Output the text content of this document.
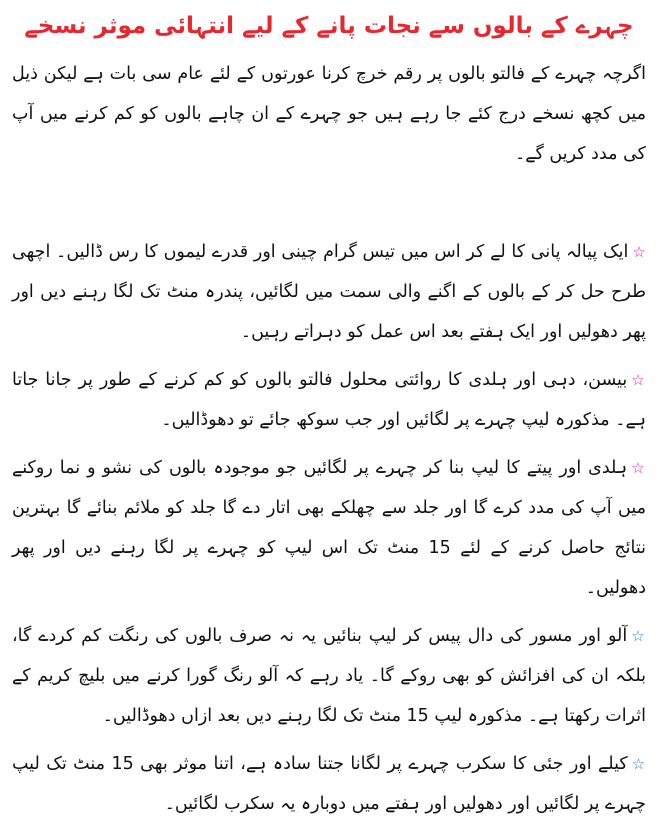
چہرے کے بالوں سے نجات پانے کے لیے انتہائی موثر نسخے

اگرچہ چہرے کے فالتو بالوں پر رقم خرچ کرنا عورتوں کے لئے عام سی بات ہے لیکن ذیل میں کچھ نسخے درج کئے جا رہے ہیں جو چہرے کے ان چاہے بالوں کو کم کرنے میں آپ کی مدد کریں گے۔

☆ایک پیالہ پانی کا لے کر اس میں تیس گرام چینی اور قدرے لیموں کا رس ڈالیں۔ اچھی طرح حل کر کے بالوں کے اگنے والی سمت میں لگائیں، پندرہ منٹ تک لگا رہنے دیں اور پھر دھولیں اور ایک ہفتے بعد اس عمل کو دہراتے رہیں۔

☆بیسن، دہی اور ہلدی کا روائتی محلول فالتو بالوں کو کم کرنے کے طور پر جانا جاتا ہے۔ مذکورہ لیپ چہرے پر لگائیں اور جب سوکھ جائے تو دھوڈالیں۔

☆ہلدی اور پیتے کا لیپ بنا کر چہرے پر لگائیں جو موجودہ بالوں کی نشو و نما روکنے میں آپ کی مدد کرے گا اور جلد سے چھلکے بھی اتار دے گا جلد کو ملائم بنائے گا بہترین نتائج حاصل کرنے کے لئے 15 منٹ تک اس لیپ کو چہرے پر لگا رہنے دیں اور پھر دھولیں۔

☆آلو اور مسور کی دال پیس کر لیپ بنائیں یہ نہ صرف بالوں کی رنگت کم کردے گا، بلکہ ان کی افزائش کو بھی روکے گا۔ یاد رہے کہ آلو رنگ گورا کرنے میں بلیچ کریم کے اثرات رکھتا ہے۔ مذکورہ لیپ 15 منٹ تک لگا رہنے دیں بعد ازاں دھوڈالیں۔

☆کیلے اور جئی کا سکرب چہرے پر لگانا جتنا سادہ ہے، اتنا موثر بھی 15 منٹ تک لیپ چہرے پر لگائیں اور دھولیں اور ہفتے میں دوبارہ یہ سکرب لگائیں۔
